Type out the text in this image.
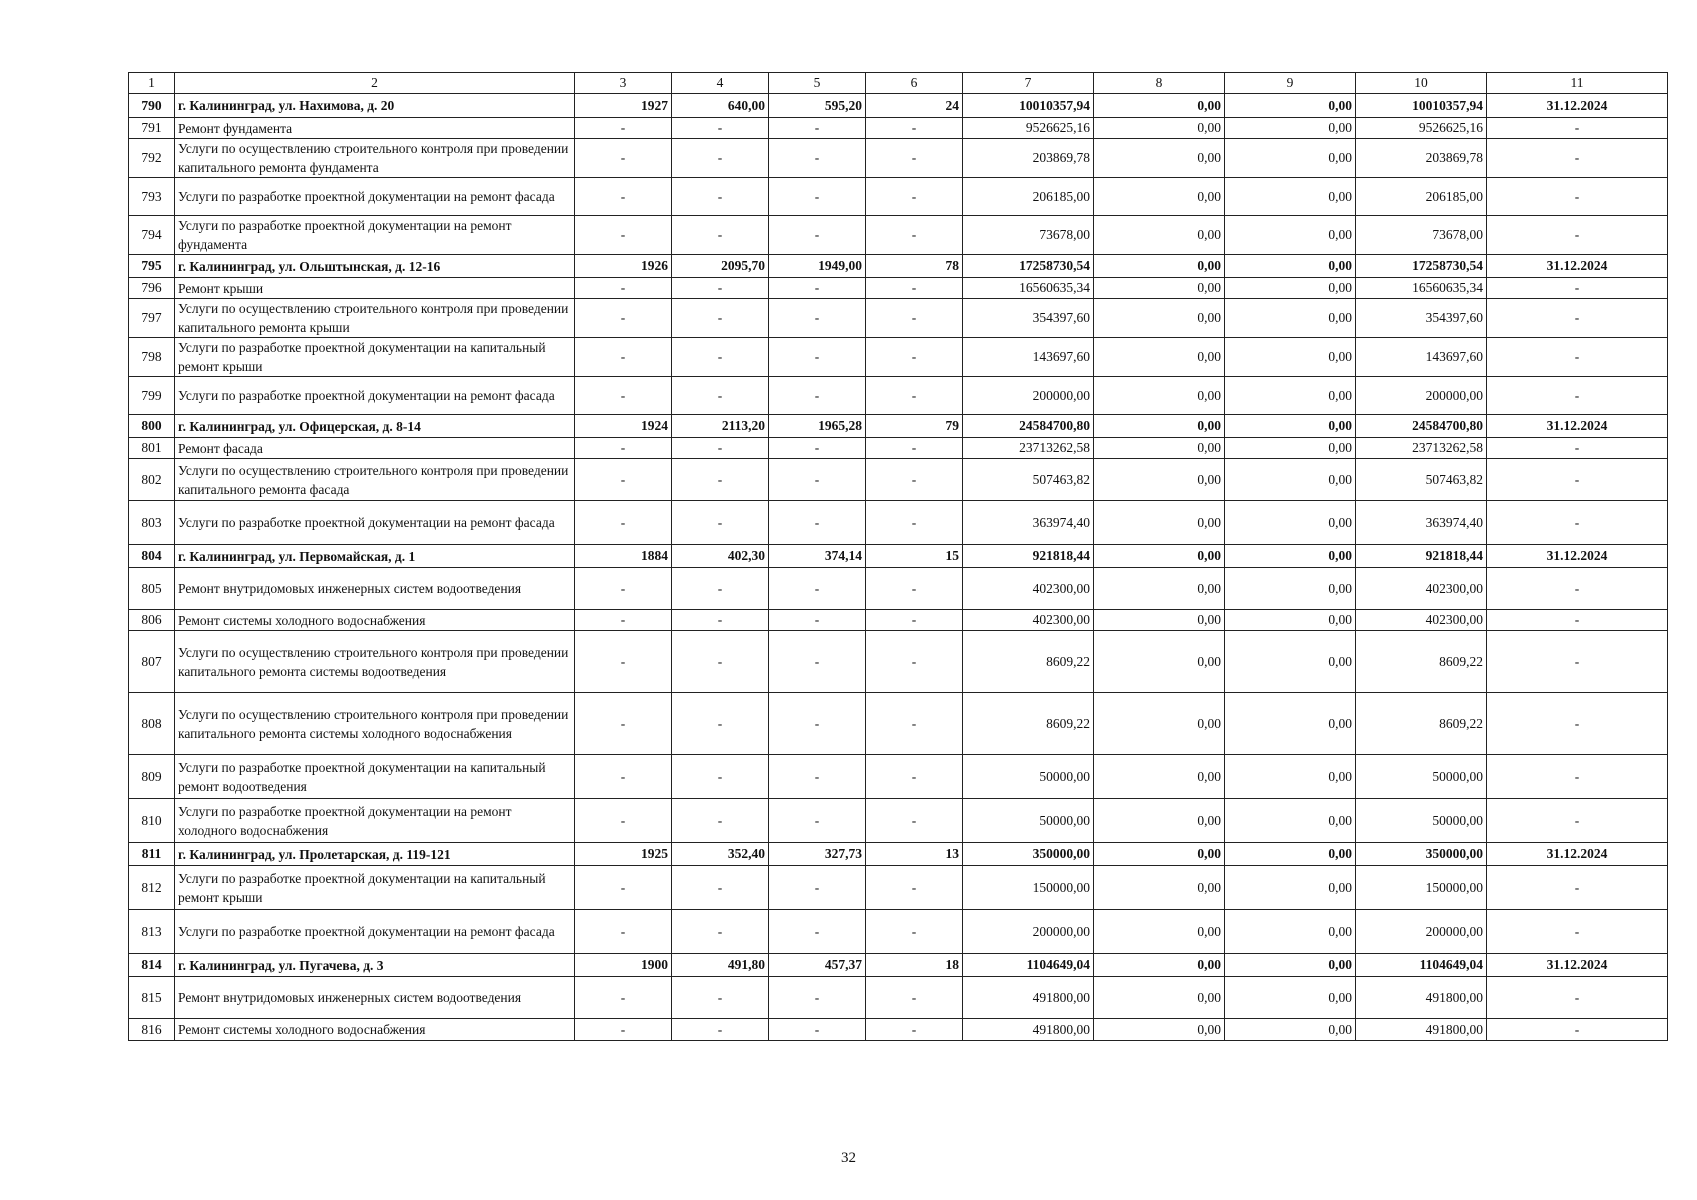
1	2	3	4	5	6	7	8	9	10	11
790	г. Калининград, ул. Нахимова, д. 20	1927	640,00	595,20	24	10010357,94	0,00	0,00	10010357,94	31.12.2024
791	Ремонт фундамента	-	-	-	-	9526625,16	0,00	0,00	9526625,16	-
792	Услуги по осуществлению строительного контроля при проведении капитального ремонта фундамента	-	-	-	-	203869,78	0,00	0,00	203869,78	-
793	Услуги по разработке проектной документации на ремонт фасада	-	-	-	-	206185,00	0,00	0,00	206185,00	-
794	Услуги по разработке проектной документации на ремонт фундамента	-	-	-	-	73678,00	0,00	0,00	73678,00	-
795	г. Калининград, ул. Ольштынская, д. 12-16	1926	2095,70	1949,00	78	17258730,54	0,00	0,00	17258730,54	31.12.2024
796	Ремонт крыши	-	-	-	-	16560635,34	0,00	0,00	16560635,34	-
797	Услуги по осуществлению строительного контроля при проведении капитального ремонта крыши	-	-	-	-	354397,60	0,00	0,00	354397,60	-
798	Услуги по разработке проектной документации на капитальный ремонт крыши	-	-	-	-	143697,60	0,00	0,00	143697,60	-
799	Услуги по разработке проектной документации на ремонт фасада	-	-	-	-	200000,00	0,00	0,00	200000,00	-
800	г. Калининград, ул. Офицерская, д. 8-14	1924	2113,20	1965,28	79	24584700,80	0,00	0,00	24584700,80	31.12.2024
801	Ремонт фасада	-	-	-	-	23713262,58	0,00	0,00	23713262,58	-
802	Услуги по осуществлению строительного контроля при проведении капитального ремонта фасада	-	-	-	-	507463,82	0,00	0,00	507463,82	-
803	Услуги по разработке проектной документации на ремонт фасада	-	-	-	-	363974,40	0,00	0,00	363974,40	-
804	г. Калининград, ул. Первомайская, д. 1	1884	402,30	374,14	15	921818,44	0,00	0,00	921818,44	31.12.2024
805	Ремонт внутридомовых инженерных систем водоотведения	-	-	-	-	402300,00	0,00	0,00	402300,00	-
806	Ремонт системы холодного водоснабжения	-	-	-	-	402300,00	0,00	0,00	402300,00	-
807	Услуги по осуществлению строительного контроля при проведении капитального ремонта системы водоотведения	-	-	-	-	8609,22	0,00	0,00	8609,22	-
808	Услуги по осуществлению строительного контроля при проведении капитального ремонта системы холодного водоснабжения	-	-	-	-	8609,22	0,00	0,00	8609,22	-
809	Услуги по разработке проектной документации на капитальный ремонт водоотведения	-	-	-	-	50000,00	0,00	0,00	50000,00	-
810	Услуги по разработке проектной документации на ремонт холодного водоснабжения	-	-	-	-	50000,00	0,00	0,00	50000,00	-
811	г. Калининград, ул. Пролетарская, д. 119-121	1925	352,40	327,73	13	350000,00	0,00	0,00	350000,00	31.12.2024
812	Услуги по разработке проектной документации на капитальный ремонт крыши	-	-	-	-	150000,00	0,00	0,00	150000,00	-
813	Услуги по разработке проектной документации на ремонт фасада	-	-	-	-	200000,00	0,00	0,00	200000,00	-
814	г. Калининград, ул. Пугачева, д. 3	1900	491,80	457,37	18	1104649,04	0,00	0,00	1104649,04	31.12.2024
815	Ремонт внутридомовых инженерных систем водоотведения	-	-	-	-	491800,00	0,00	0,00	491800,00	-
816	Ремонт системы холодного водоснабжения	-	-	-	-	491800,00	0,00	0,00	491800,00	-
32
